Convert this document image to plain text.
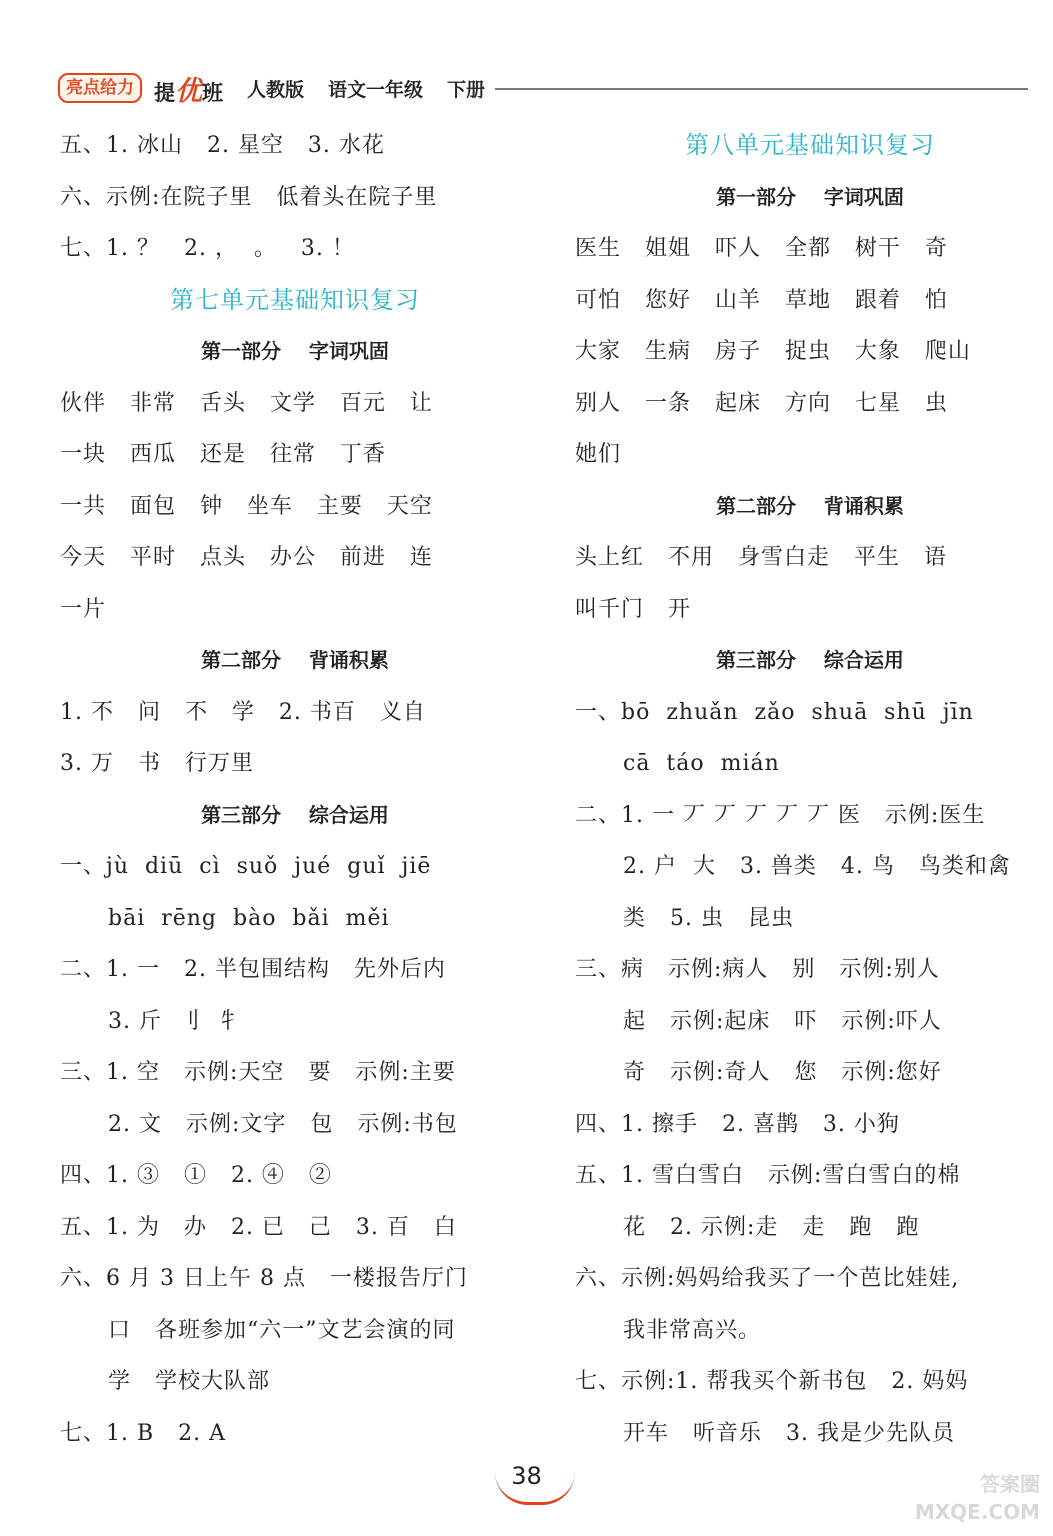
亮点给力 提优班 人教版 语文一年级 下册
五、1. 冰山   2. 星空   3. 水花
六、示例:在院子里   低着头在院子里
七、1. ？   2. ，  。   3. ！
第七单元基础知识复习
第一部分    字词巩固
伙伴   非常   舌头   文学   百元   让
一块   西瓜   还是   往常   丁香
一共   面包   钟   坐车   主要   天空
今天   平时   点头   办公   前进   连
一片
第二部分    背诵积累
1. 不   问   不   学   2. 书百   义自
3. 万   书   行万里
第三部分    综合运用
一、jù  diū  cì  suǒ  jué  guǐ  jiē
bāi  rēng  bào  bǎi  měi
二、1. 一   2. 半包围结构   先外后内
3. 斤  刂  牜
三、1. 空   示例:天空   要   示例:主要
2. 文   示例:文字   包   示例:书包
四、1. ③   ①   2. ④   ②
五、1. 为   办   2. 已   己   3. 百   白
六、6 月 3 日上午 8 点   一楼报告厅门
口   各班参加“六一”文艺会演的同
学   学校大队部
七、1. B   2. A
第八单元基础知识复习
第一部分    字词巩固
医生   姐姐   吓人   全都   树干   奇
可怕   您好   山羊   草地   跟着   怕
大家   生病   房子   捉虫   大象   爬山
别人   一条   起床   方向   七星   虫
她们
第二部分    背诵积累
头上红   不用   身雪白走   平生   语
叫千门   开
第三部分    综合运用
一、bō  zhuǎn  zǎo  shuā  shū  jīn
cā  táo  mián
二、1. 一 丆 丆 丆 丆 丆 医   示例:医生
2. 户  大   3. 兽类   4. 鸟   鸟类和禽
类   5. 虫   昆虫
三、病   示例:病人   别   示例:别人
起   示例:起床   吓   示例:吓人
奇   示例:奇人   您   示例:您好
四、1. 擦手   2. 喜鹊   3. 小狗
五、1. 雪白雪白   示例:雪白雪白的棉
花   2. 示例:走   走   跑   跑
六、示例:妈妈给我买了一个芭比娃娃,
我非常高兴。
七、示例:1. 帮我买个新书包   2. 妈妈
开车   听音乐   3. 我是少先队员
38	答案圈 MXQE.COM
